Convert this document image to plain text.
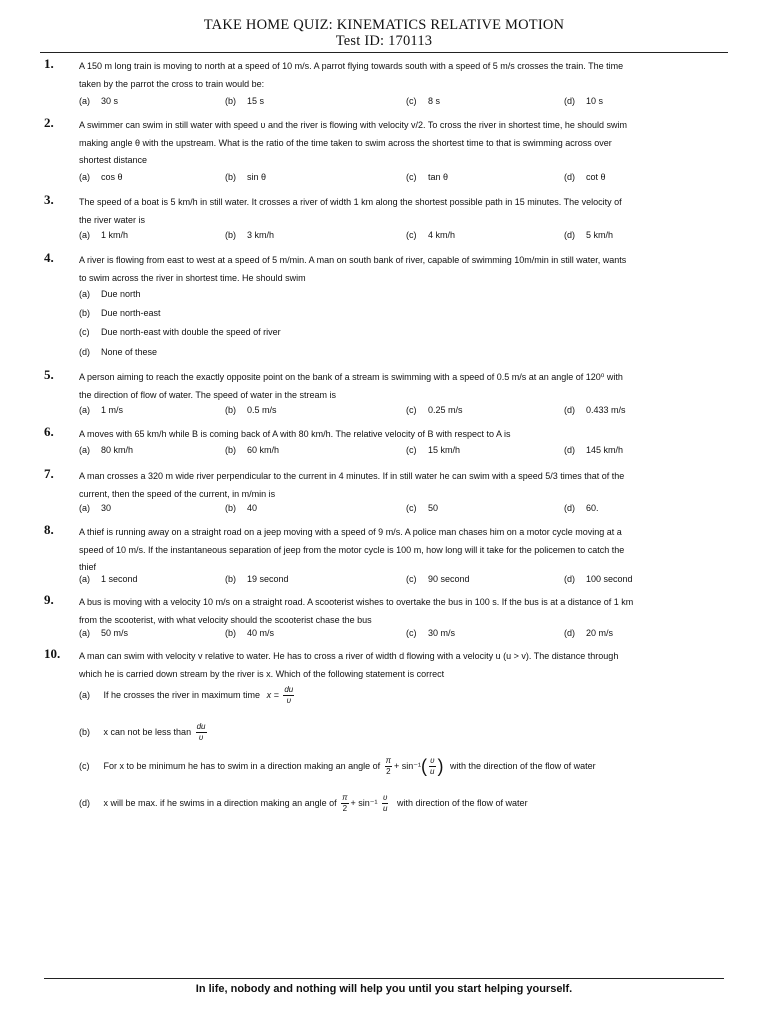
TAKE HOME QUIZ: KINEMATICS RELATIVE MOTION
Test ID: 170113
1.	A 150 m long train is moving to north at a speed of 10 m/s. A parrot flying towards south with a speed of 5 m/s crosses the train. The time
taken by the parrot the cross to train would be:
2.	A swimmer can swim in still water with speed υ and the river is flowing with velocity v/2. To cross the river in shortest time, he should swim
making angle θ with the upstream. What is the ratio of the time taken to swim across the shortest time to that is swimming across over
shortest distance
3.	The speed of a boat is 5 km/h in still water. It crosses a river of width 1 km along the shortest possible path in 15 minutes. The velocity of
the river water is
4.	A river is flowing from east to west at a speed of 5 m/min. A man on south bank of river, capable of swimming 10m/min in still water, wants
to swim across the river in shortest time. He should swim
5.	A person aiming to reach the exactly opposite point on the bank of a stream is swimming with a speed of 0.5 m/s at an angle of 120⁰ with
the direction of flow of water. The speed of water in the stream is
6.	A moves with 65 km/h while B is coming back of A with 80 km/h. The relative velocity of B with respect to A is
7.	A man crosses a 320 m wide river perpendicular to the current in 4 minutes. If in still water he can swim with a speed 5/3 times that of the
current, then the speed of the current, in m/min is
8.	A thief is running away on a straight road on a jeep moving with a speed of 9 m/s. A police man chases him on a motor cycle moving at a
speed of 10 m/s. If the instantaneous separation of jeep from the motor cycle is 100 m, how long will it take for the policemen to catch the
thief
9.	A bus is moving with a velocity 10 m/s on a straight road. A scooterist wishes to overtake the bus in 100 s. If the bus is at a distance of 1 km
from the scooterist, with what velocity should the scooterist chase the bus
10. A man can swim with velocity v relative to water. He has to cross a river of width d flowing with a velocity u (u > v). The distance through
which he is carried down stream by the river is x. Which of the following statement is correct
(a) If he crosses the river in maximum time $x = \frac{du}{\upsilon}$
(b) x can not be less than $\frac{du}{\upsilon}$
(c) For x to be minimum he has to swim in a direction making an angle of $\frac{\pi}{2} + \sin^{-1}( \frac{\upsilon}{u}$ ) with the direction of the flow of water
(d) x will be max. if he swims in a direction making an angle of $\frac{\pi}{2} + \sin^{-1} \frac{\upsilon}{u}$ with direction of the flow of water
In life, nobody and nothing will help you until you start helping yourself.
(a) 30 s	(b) 15 s	(c) 8 s	(d) 10 s
(a) cos θ	(b) sin θ	(c) tan θ	(d) cot θ
(a) 1 km/h	(b) 3 km/h	(c) 4 km/h	(d) 5 km/h
(a) Due north
(b) Due north-east
(c) Due north-east with double the speed of river
(d) None of these
(a) 1 m/s	(b) 0.5 m/s	(c) 0.25 m/s	(d) 0.433 m/s
(a) 80 km/h	(b) 60 km/h	(c) 15 km/h	(d) 145 km/h
(a) 30	(b) 40	(c) 50	(d) 60.
(a) 1 second	(b) 19 second	(c) 90 second	(d) 100 second
(a) 50 m/s	(b) 40 m/s	(c) 30 m/s	(d) 20 m/s
